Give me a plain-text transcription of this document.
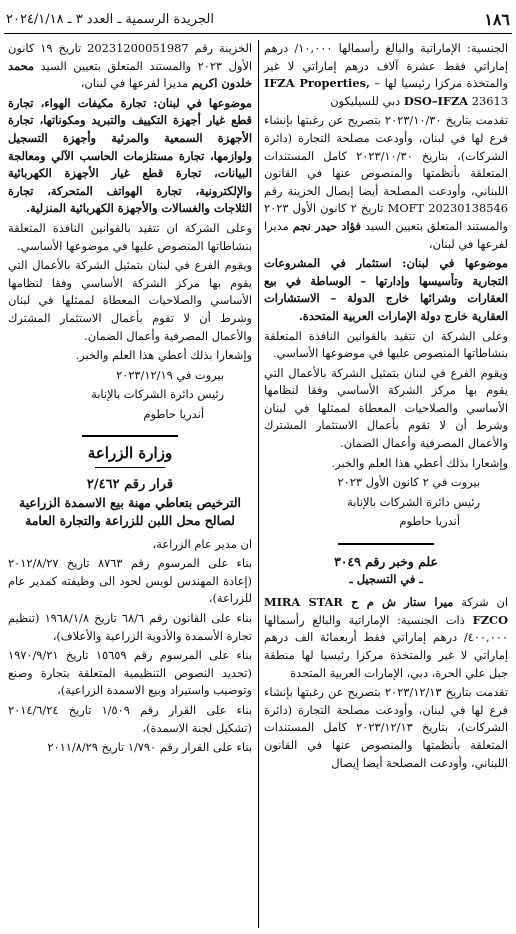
١٨٦
الجريدة الرسمية ـ العدد ٣ ـ ٢٠٢٤/١/١٨

الجنسية: الإماراتية والبالغ رأسمالها ١٠,٠٠٠/ درهم إماراتي فقط عشرة آلاف درهم إماراتي لا غير والمتخذة مركزا رئيسيا لها – IFZA Properties, DSO–IFZA 23613 دبي للسيليكون

تقدمت بتاريخ ٢٠٢٣/١٠/٣٠ بتصريح عن رغبتها بإنشاء فرع لها في لبنان، وأودعت مصلحة التجارة (دائرة الشركات)، بتاريخ ٢٠٢٣/١٠/٣٠ كامل المستندات المتعلقة بأنظمتها والمنصوص عنها في القانون اللبناني، وأودعت المصلحة أيضا إيصال الخزينة رقم MOFT 20230138546 تاريخ ٢ كانون الأول ٢٠٢٣ والمستند المتعلق بتعيين السيد فؤاد حيدر نجم مديرا لفرعها في لبنان،

موضوعها في لبنان: استثمار في المشروعات التجارية وتأسيسها وإدارتها – الوساطة في بيع العقارات وشرائها خارج الدولة – الاستشارات العقارية خارج دولة الإمارات العربية المتحدة.

وعلى الشركة ان تتقيد بالقوانين النافذة المتعلقة بنشاطاتها المنصوص عليها في موضوعها الأساسي.

ويقوم الفرع في لبنان بتمثيل الشركة بالأعمال التي يقوم بها مركز الشركة الأساسي وفقا لنظامها الأساسي والصلاحيات المعطاة لممثلها في لبنان وشرط أن لا تقوم بأعمال الاستثمار المشترك والأعمال المصرفية وأعمال الضمان.

وإشعارا بذلك أعطي هذا العلم والخبر.

بيروت في ٢ كانون الأول ٢٠٢٣

رئيس دائرة الشركات بالإنابة

أندريا حاطوم

علم وخبر رقم ٣٠٤٩
ـ في التسجيل ـ

ان شركة ميرا ستار ش م ح MIRA STAR FZCO ذات الجنسية: الإماراتية والبالغ رأسمالها ٤٠٠,٠٠٠/ درهم إماراتي فقط أربعمائة الف درهم إماراتي لا غير والمتخذة مركزا رئيسيا لها منطقة جبل علي الحرة، دبي، الإمارات العربية المتحدة

تقدمت بتاريخ ٢٠٢٣/١٢/١٣ بتصريح عن رغبتها بإنشاء فرع لها في لبنان، وأودعت مصلحة التجارة (دائرة الشركات)، بتاريخ ٢٠٢٣/١٢/١٣ كامل المستندات المتعلقة بأنظمتها والمنصوص عنها في القانون اللبناني، وأودعت المصلحة أيضا إيصال

الخزينة رقم 20231200051987 تاريخ ١٩ كانون الأول ٢٠٢٣ والمستند المتعلق بتعيين السيد محمد خلدون اكريم مديرا لفرعها في لبنان،

موضوعها في لبنان: تجارة مكيفات الهواء، تجارة قطع غيار أجهزة التكييف والتبريد ومكوناتها، تجارة الأجهزة السمعية والمرئية وأجهزة التسجيل ولوازمها، تجارة مستلزمات الحاسب الآلي ومعالجة البيانات، تجارة قطع غيار الأجهزة الكهربائية والإلكترونية، تجارة الهواتف المتحركة، تجارة الثلاجات والغسالات والأجهزة الكهربائية المنزلية.

وعلى الشركة ان تتقيد بالقوانين النافذة المتعلقة بنشاطاتها المنصوص عليها في موضوعها الأساسي.

ويقوم الفرع في لبنان بتمثيل الشركة بالأعمال التي يقوم بها مركز الشركة الأساسي وفقا لنظامها الأساسي والصلاحيات المعطاة لممثلها في لبنان وشرط أن لا تقوم بأعمال الاستثمار المشترك والأعمال المصرفية وأعمال الضمان.

وإشعارا بذلك أعطي هذا العلم والخبر.

بيروت في ٢٠٢٣/١٢/١٩

رئيس دائرة الشركات بالإنابة

أندريا حاطوم

وزارة الزراعة
قرار رقم ٢/٤٦٢
الترخيص بتعاطي مهنة بيع الاسمدة الزراعية لصالح محل اللبن للزراعة والتجارة العامة

ان مدير عام الزراعة،

بناء على المرسوم رقم ٨٧٦٣ تاريخ ٢٠١٢/٨/٢٧ (إعادة المهندس لويس لحود الى وظيفته كمدير عام للزراعة)،

بناء على القانون رقم ٦٨/٦ تاريخ ١٩٦٨/١/٨ (تنظيم تجارة الأسمدة والأدوية الزراعية والأعلاف)،

بناء على المرسوم رقم ١٥٦٥٩ تاريخ ١٩٧٠/٩/٢١ (تحديد النصوص التنظيمية المتعلقة بتجارة وصنع وتوضيب واستيراد وبيع الاسمدة الزراعية)،

بناء على القرار رقم ١/٥٠٩ تاريخ ٢٠١٤/٦/٢٤ (تشكيل لجنة الاسمدة)،

بناء على القرار رقم ١/٧٩٠ تاريخ ٢٠١١/٨/٢٩
